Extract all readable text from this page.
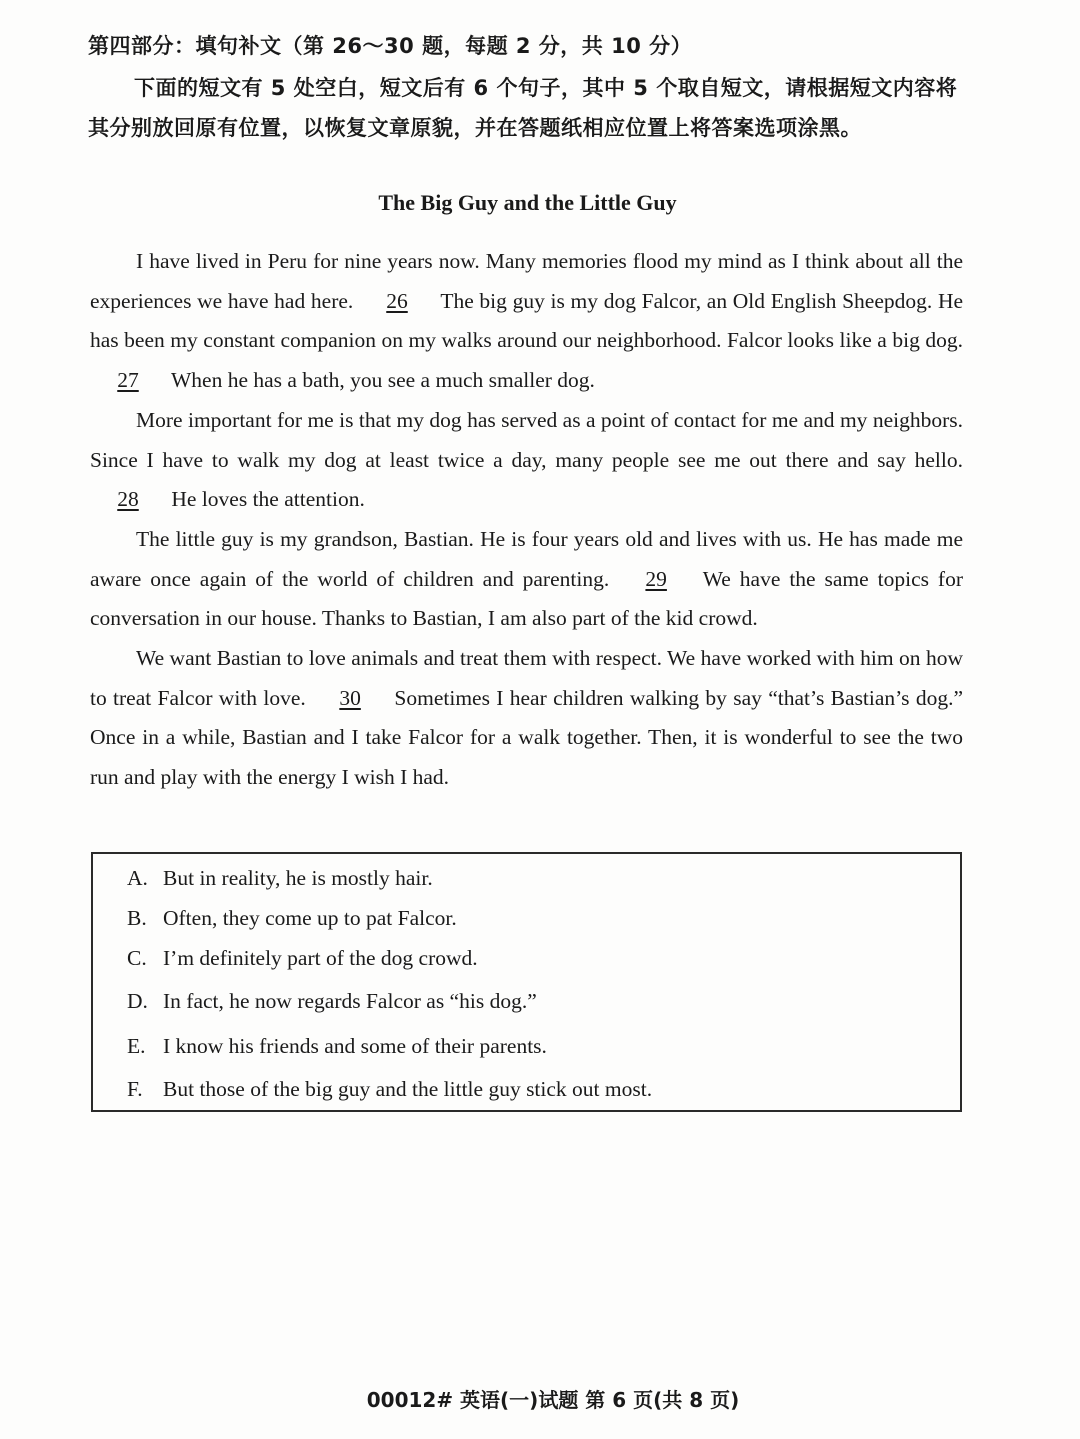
第四部分：填句补文（第 26～30 题，每题 2 分，共 10 分）
下面的短文有 5 处空白，短文后有 6 个句子，其中 5 个取自短文，请根据短文内容将其分别放回原有位置，以恢复文章原貌，并在答题纸相应位置上将答案选项涂黑。
The Big Guy and the Little Guy

I have lived in Peru for nine years now. Many memories flood my mind as I think about all the experiences we have had here. 26 The big guy is my dog Falcor, an Old English Sheepdog. He has been my constant companion on my walks around our neighborhood. Falcor looks like a big dog. 27 When he has a bath, you see a much smaller dog.

More important for me is that my dog has served as a point of contact for me and my neighbors. Since I have to walk my dog at least twice a day, many people see me out there and say hello. 28 He loves the attention.

The little guy is my grandson, Bastian. He is four years old and lives with us. He has made me aware once again of the world of children and parenting. 29 We have the same topics for conversation in our house. Thanks to Bastian, I am also part of the kid crowd.

We want Bastian to love animals and treat them with respect. We have worked with him on how to treat Falcor with love. 30 Sometimes I hear children walking by say “that’s Bastian’s dog.” Once in a while, Bastian and I take Falcor for a walk together. Then, it is wonderful to see the two run and play with the energy I wish I had.

A. But in reality, he is mostly hair.
B. Often, they come up to pat Falcor.
C. I’m definitely part of the dog crowd.
D. In fact, he now regards Falcor as “his dog.”
E. I know his friends and some of their parents.
F. But those of the big guy and the little guy stick out most.
00012# 英语(一)试题 第 6 页(共 8 页)
